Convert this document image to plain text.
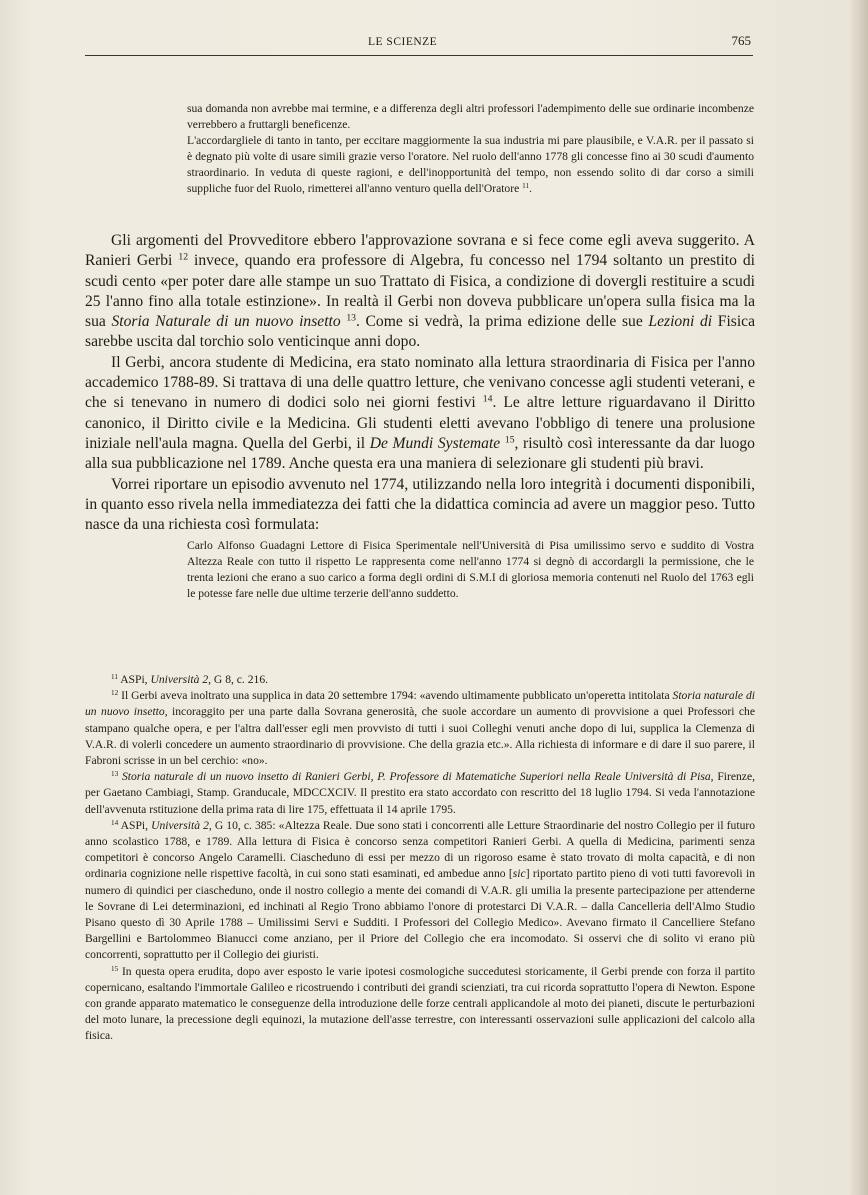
LE SCIENZE	765

sua domanda non avrebbe mai termine, e a differenza degli altri professori l'adempimento delle sue ordinarie incombenze verrebbero a fruttargli beneficenze.

L'accordargliele di tanto in tanto, per eccitare maggiormente la sua industria mi pare plausibile, e V.A.R. per il passato si è degnato più volte di usare simili grazie verso l'oratore. Nel ruolo dell'anno 1778 gli concesse fino ai 30 scudi d'aumento straordinario. In veduta di queste ragioni, e dell'inopportunità del tempo, non essendo solito di dar corso a simili suppliche fuor del Ruolo, rimetterei all'anno venturo quella dell'Oratore $^{11}$.

Gli argomenti del Provveditore ebbero l'approvazione sovrana e si fece come egli aveva suggerito. A Ranieri Gerbi $^{12}$ invece, quando era professore di Algebra, fu concesso nel 1794 soltanto un prestito di scudi cento «per poter dare alle stampe un suo Trattato di Fisica, a condizione di dovergli restituire a scudi 25 l'anno fino alla totale estinzione». In realtà il Gerbi non doveva pubblicare un'opera sulla fisica ma la sua Storia Naturale di un nuovo insetto $^{13}$. Come si vedrà, la prima edizione delle sue Lezioni di Fisica sarebbe uscita dal torchio solo venticinque anni dopo.

Il Gerbi, ancora studente di Medicina, era stato nominato alla lettura straordinaria di Fisica per l'anno accademico 1788-89. Si trattava di una delle quattro letture, che venivano concesse agli studenti veterani, e che si tenevano in numero di dodici solo nei giorni festivi $^{14}$. Le altre letture riguardavano il Diritto canonico, il Diritto civile e la Medicina. Gli studenti eletti avevano l'obbligo di tenere una prolusione iniziale nell'aula magna. Quella del Gerbi, il De Mundi Systemate $^{15}$, risultò così interessante da dar luogo alla sua pubblicazione nel 1789. Anche questa era una maniera di selezionare gli studenti più bravi.

Vorrei riportare un episodio avvenuto nel 1774, utilizzando nella loro integrità i documenti disponibili, in quanto esso rivela nella immediatezza dei fatti che la didattica comincia ad avere un maggior peso. Tutto nasce da una richiesta così formulata:

Carlo Alfonso Guadagni Lettore di Fisica Sperimentale nell'Università di Pisa umilissimo servo e suddito di Vostra Altezza Reale con tutto il rispetto Le rappresenta come nell'anno 1774 si degnò di accordargli la permissione, che le trenta lezioni che erano a suo carico a forma degli ordini di S.M.I di gloriosa memoria contenuti nel Ruolo del 1763 egli le potesse fare nelle due ultime terzerie dell'anno suddetto.

$^{11}$ ASPi, Università 2, G 8, c. 216.

$^{12}$ Il Gerbi aveva inoltrato una supplica in data 20 settembre 1794: «avendo ultimamente pubblicato un'operetta intitolata Storia naturale di un nuovo insetto, incoraggito per una parte dalla Sovrana generosità, che suole accordare un aumento di provvisione a quei Professori che stampano qualche opera, e per l'altra dall'esser egli men provvisto di tutti i suoi Colleghi venuti anche dopo di lui, supplica la Clemenza di V.A.R. di volerli concedere un aumento straordinario di provvisione. Che della grazia etc.». Alla richiesta di informare e di dare il suo parere, il Fabroni scrisse in un bel cerchio: «no».

$^{13}$ Storia naturale di un nuovo insetto di Ranieri Gerbi, P. Professore di Matematiche Superiori nella Reale Università di Pisa, Firenze, per Gaetano Cambiagi, Stamp. Granducale, MDCCXCIV. Il prestito era stato accordato con rescritto del 18 luglio 1794. Si veda l'annotazione dell'avvenuta rstituzione della prima rata di lire 175, effettuata il 14 aprile 1795.

$^{14}$ ASPi, Università 2, G 10, c. 385: «Altezza Reale. Due sono stati i concorrenti alle Letture Straordinarie del nostro Collegio per il futuro anno scolastico 1788, e 1789. Alla lettura di Fisica è concorso senza competitori Ranieri Gerbi. A quella di Medicina, parimenti senza competitori è concorso Angelo Caramelli. Ciascheduno di essi per mezzo di un rigoroso esame è stato trovato di molta capacità, e di non ordinaria cognizione nelle rispettive facoltà, in cui sono stati esaminati, ed ambedue anno [sic] riportato partito pieno di voti tutti favorevoli in numero di quindici per ciascheduno, onde il nostro collegio a mente dei comandi di V.A.R. gli umilia la presente partecipazione per attenderne le Sovrane di Lei determinazioni, ed inchinati al Regio Trono abbiamo l'onore di protestarci Di V.A.R. – dalla Cancelleria dell'Almo Studio Pisano questo dì 30 Aprile 1788 – Umilissimi Servi e Sudditi. I Professori del Collegio Medico». Avevano firmato il Cancelliere Stefano Bargellini e Bartolommeo Bianucci come anziano, per il Priore del Collegio che era incomodato. Si osservi che di solito vi erano più concorrenti, soprattutto per il Collegio dei giuristi.

$^{15}$ In questa opera erudita, dopo aver esposto le varie ipotesi cosmologiche succedutesi storicamente, il Gerbi prende con forza il partito copernicano, esaltando l'immortale Galileo e ricostruendo i contributi dei grandi scienziati, tra cui ricorda soprattutto l'opera di Newton. Espone con grande apparato matematico le conseguenze della introduzione delle forze centrali applicandole al moto dei pianeti, discute le perturbazioni del moto lunare, la precessione degli equinozi, la mutazione dell'asse terrestre, con interessanti osservazioni sulle applicazioni del calcolo alla fisica.
